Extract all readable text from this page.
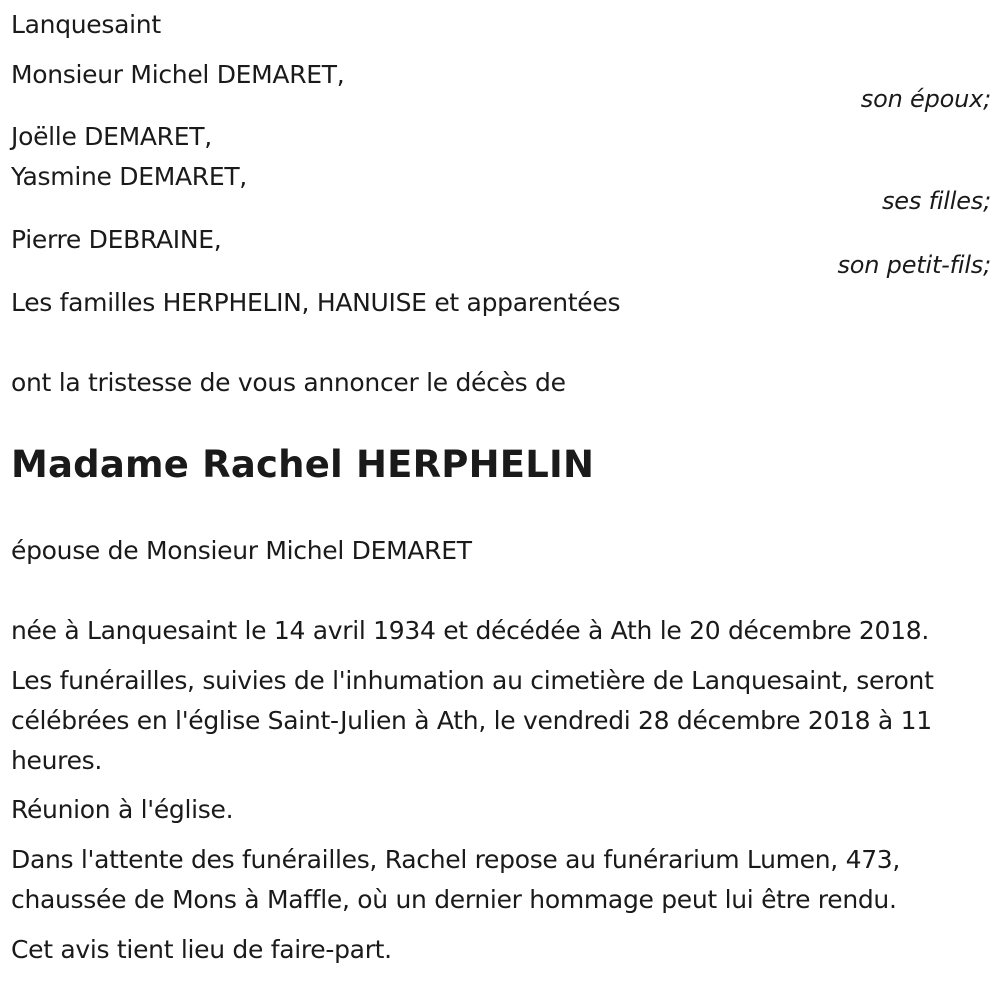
Lanquesaint
Monsieur Michel DEMARET,
son époux;
Joëlle DEMARET,
Yasmine DEMARET,
ses filles;
Pierre DEBRAINE,
son petit-fils;
Les familles HERPHELIN, HANUISE et apparentées
ont la tristesse de vous annoncer le décès de
Madame Rachel HERPHELIN
épouse de Monsieur Michel DEMARET
née à Lanquesaint le 14 avril 1934 et décédée à Ath le 20 décembre 2018.
Les funérailles, suivies de l'inhumation au cimetière de Lanquesaint, seront célébrées en l'église Saint-Julien à Ath, le vendredi 28 décembre 2018 à 11 heures.
Réunion à l'église.
Dans l'attente des funérailles, Rachel repose au funérarium Lumen, 473, chaussée de Mons à Maffle, où un dernier hommage peut lui être rendu.
Cet avis tient lieu de faire-part.
